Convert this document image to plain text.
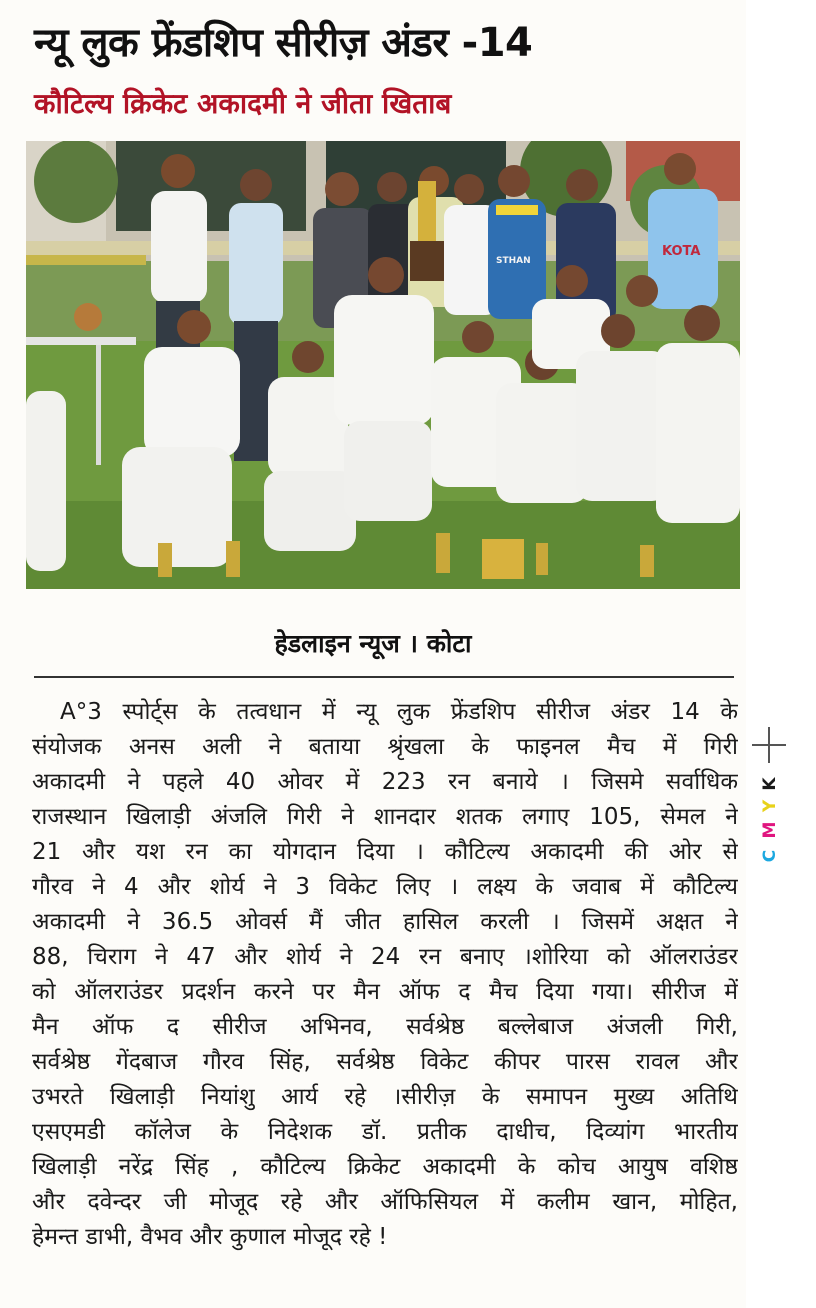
न्यू लुक फ्रेंडशिप सीरीज़ अंडर -14
कौटिल्य क्रिकेट अकादमी ने जीता खिताब
KOTA
STHAN
हेडलाइन न्यूज । कोटा
A°3 स्पोर्ट्स के तत्वधान में न्यू लुक फ्रेंडशिप सीरीज अंडर 14 के
संयोजक अनस अली ने बताया श्रृंखला के फाइनल मैच में गिरी
अकादमी ने पहले 40 ओवर में 223 रन बनाये । जिसमे सर्वाधिक
राजस्थान खिलाड़ी अंजलि गिरी ने शानदार शतक लगाए 105, सेमल ने
21 और यश रन का योगदान दिया । कौटिल्य अकादमी की ओर से
गौरव ने 4 और शोर्य ने 3 विकेट लिए । लक्ष्य के जवाब में कौटिल्य
अकादमी ने 36.5 ओवर्स मैं जीत हासिल करली । जिसमें अक्षत ने
88, चिराग ने 47 और शोर्य ने 24 रन बनाए ।शोरिया को ऑलराउंडर
को ऑलराउंडर प्रदर्शन करने पर मैन ऑफ द मैच दिया गया। सीरीज में
मैन ऑफ द सीरीज अभिनव, सर्वश्रेष्ठ बल्लेबाज अंजली गिरी,
सर्वश्रेष्ठ गेंदबाज गौरव सिंह, सर्वश्रेष्ठ विकेट कीपर पारस रावल और
उभरते खिलाड़ी नियांशु आर्य रहे ।सीरीज़ के समापन मुख्य अतिथि
एसएमडी कॉलेज के निदेशक डॉ. प्रतीक दाधीच, दिव्यांग भारतीय
खिलाड़ी नरेंद्र सिंह , कौटिल्य क्रिकेट अकादमी के कोच आयुष वशिष्ठ
और दवेन्दर जी मोजूद रहे और ऑफिसियल में कलीम खान, मोहित,
हेमन्त डाभी, वैभव और कुणाल मोजूद रहे !
K
Y
M
C
